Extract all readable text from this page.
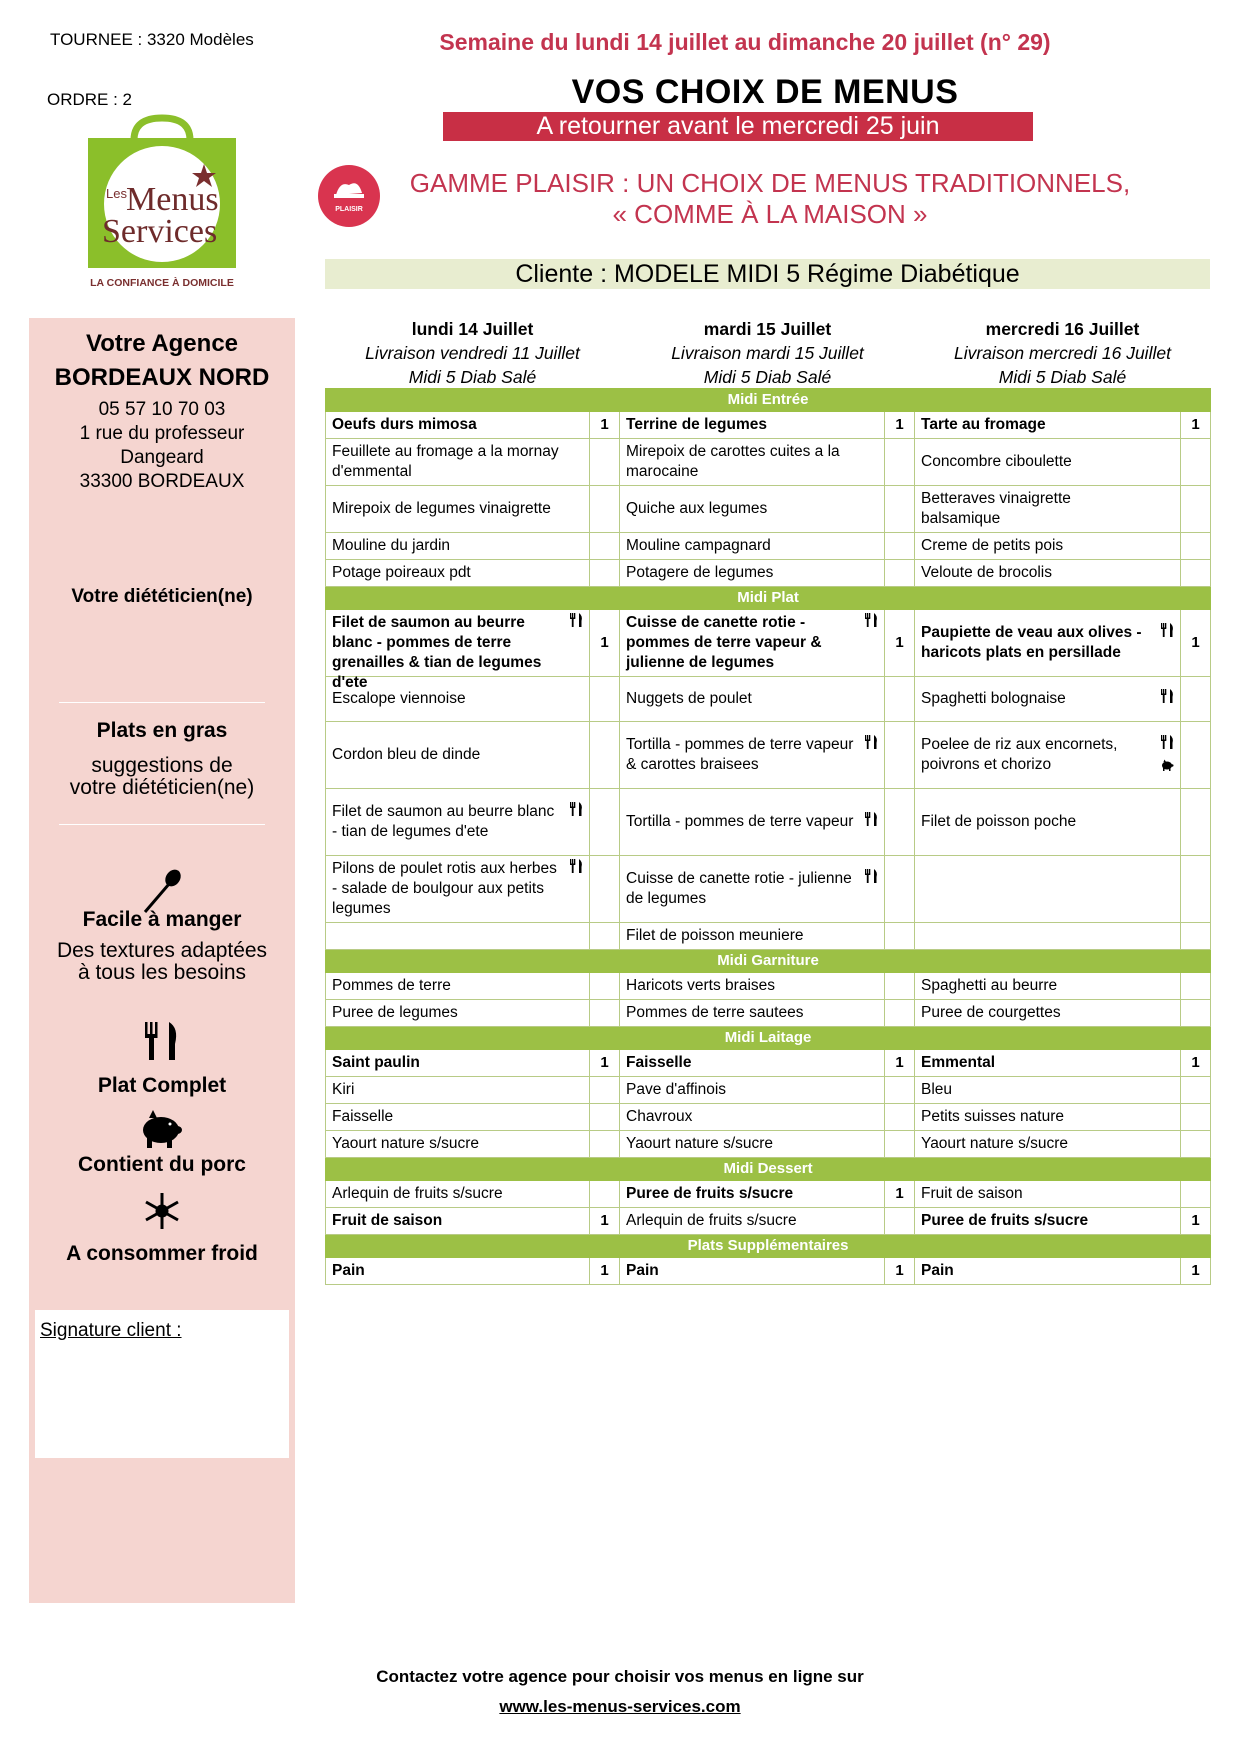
TOURNEE : 3320 Modèles
ORDRE : 2
Semaine du lundi 14 juillet au dimanche 20 juillet (n° 29)
VOS CHOIX DE MENUS
A retourner avant le mercredi 25 juin
PLAISIR
GAMME PLAISIR : UN CHOIX DE MENUS TRADITIONNELS,
« COMME À LA MAISON »
Cliente : MODELE MIDI 5 Régime Diabétique
Les Menus
Services
LA CONFIANCE À DOMICILE
Votre Agence
BORDEAUX NORD
05 57 10 70 03
1 rue du professeur
Dangeard
33300 BORDEAUX
Votre diététicien(ne)
Plats en gras
suggestions de
votre diététicien(ne)
Facile à manger
Des textures adaptées
à tous les besoins
Plat Complet
Contient du porc
A consommer froid
Signature client :
lundi 14 Juillet
Livraison vendredi 11 Juillet
Midi 5 Diab Salé
mardi 15 Juillet
Livraison mardi 15 Juillet
Midi 5 Diab Salé
mercredi 16 Juillet
Livraison mercredi 16 Juillet
Midi 5 Diab Salé
Midi Entrée					

Oeufs durs mimosa	1	Terrine de legumes	1	Tarte au fromage	1

Feuillete au fromage a la mornay d'emmental		Mirepoix de carottes cuites a la marocaine		Concombre ciboulette	

Mirepoix de legumes vinaigrette		Quiche aux legumes		Betteraves vinaigrette balsamique	

Mouline du jardin		Mouline campagnard		Creme de petits pois	

Potage poireaux pdt		Potagere de legumes		Veloute de brocolis	

Midi Plat					

Filet de saumon au beurre blanc - pommes de terre grenailles & tian de legumes d'ete	1	Cuisse de canette rotie - pommes de terre vapeur & julienne de legumes	1	Paupiette de veau aux olives - haricots plats en persillade	1

Escalope viennoise		Nuggets de poulet		Spaghetti bolognaise	

Cordon bleu de dinde		Tortilla - pommes de terre vapeur & carottes braisees		Poelee de riz aux encornets, poivrons et chorizo	

Filet de saumon au beurre blanc - tian de legumes d'ete		Tortilla - pommes de terre vapeur		Filet de poisson poche	

Pilons de poulet rotis aux herbes - salade de boulgour aux petits legumes		Cuisse de canette rotie - julienne de legumes			

		Filet de poisson meuniere			

Midi Garniture					

Pommes de terre		Haricots verts braises		Spaghetti au beurre	

Puree de legumes		Pommes de terre sautees		Puree de courgettes	

Midi Laitage					

Saint paulin	1	Faisselle	1	Emmental	1

Kiri		Pave d'affinois		Bleu	

Faisselle		Chavroux		Petits suisses nature	

Yaourt nature s/sucre		Yaourt nature s/sucre		Yaourt nature s/sucre	

Midi Dessert					

Arlequin de fruits s/sucre		Puree de fruits s/sucre	1	Fruit de saison	

Fruit de saison	1	Arlequin de fruits s/sucre		Puree de fruits s/sucre	1
Plats Supplémentaires					

Pain	1	Pain	1	Pain	1
Contactez votre agence pour choisir vos menus en ligne sur
www.les-menus-services.com
